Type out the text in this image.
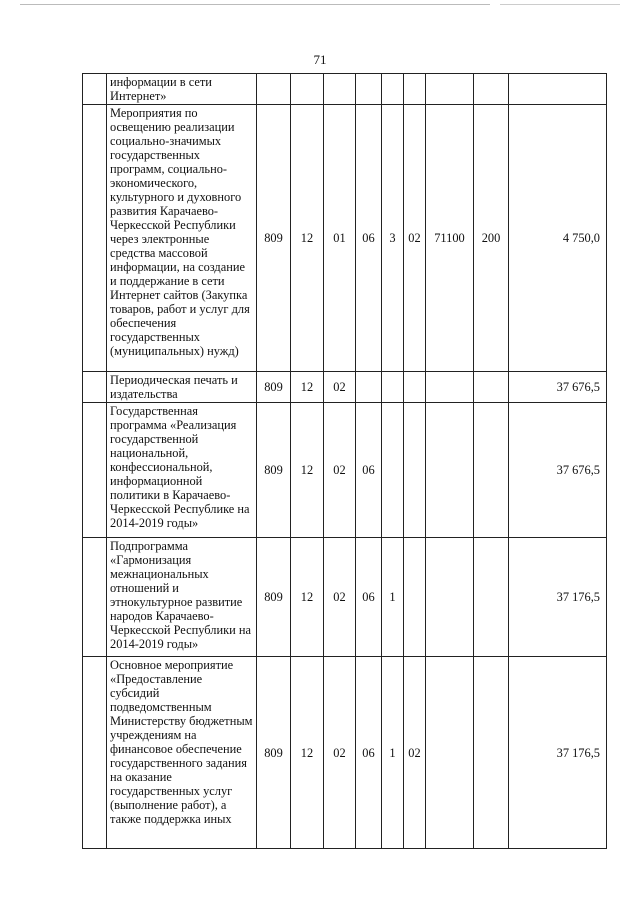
71
	информации в сети Интернет»									
	Мероприятия по освещению реализации социально-значимых государственных программ, социально-экономического, культурного и духовного развития Карачаево-Черкесской Республики через электронные средства массовой информации, на создание и поддержание в сети Интернет сайтов (Закупка товаров, работ и услуг для обеспечения государственных (муниципальных) нужд)	809	12	01	06	3	02	71100	200	4 750,0
	Периодическая печать и издательства	809	12	02						37 676,5
	Государственная программа «Реализация государственной национальной, конфессиональной, информационной политики в Карачаево-Черкесской Республике на 2014-2019 годы»	809	12	02	06					37 676,5
	Подпрограмма «Гармонизация межнациональных отношений и этнокультурное развитие народов Карачаево-Черкесской Республики на 2014-2019 годы»	809	12	02	06	1				37 176,5
	Основное мероприятие «Предоставление субсидий подведомственным Министерству бюджетным учреждениям на финансовое обеспечение государственного задания на оказание государственных услуг (выполнение работ), а также поддержка иных	809	12	02	06	1	02			37 176,5
